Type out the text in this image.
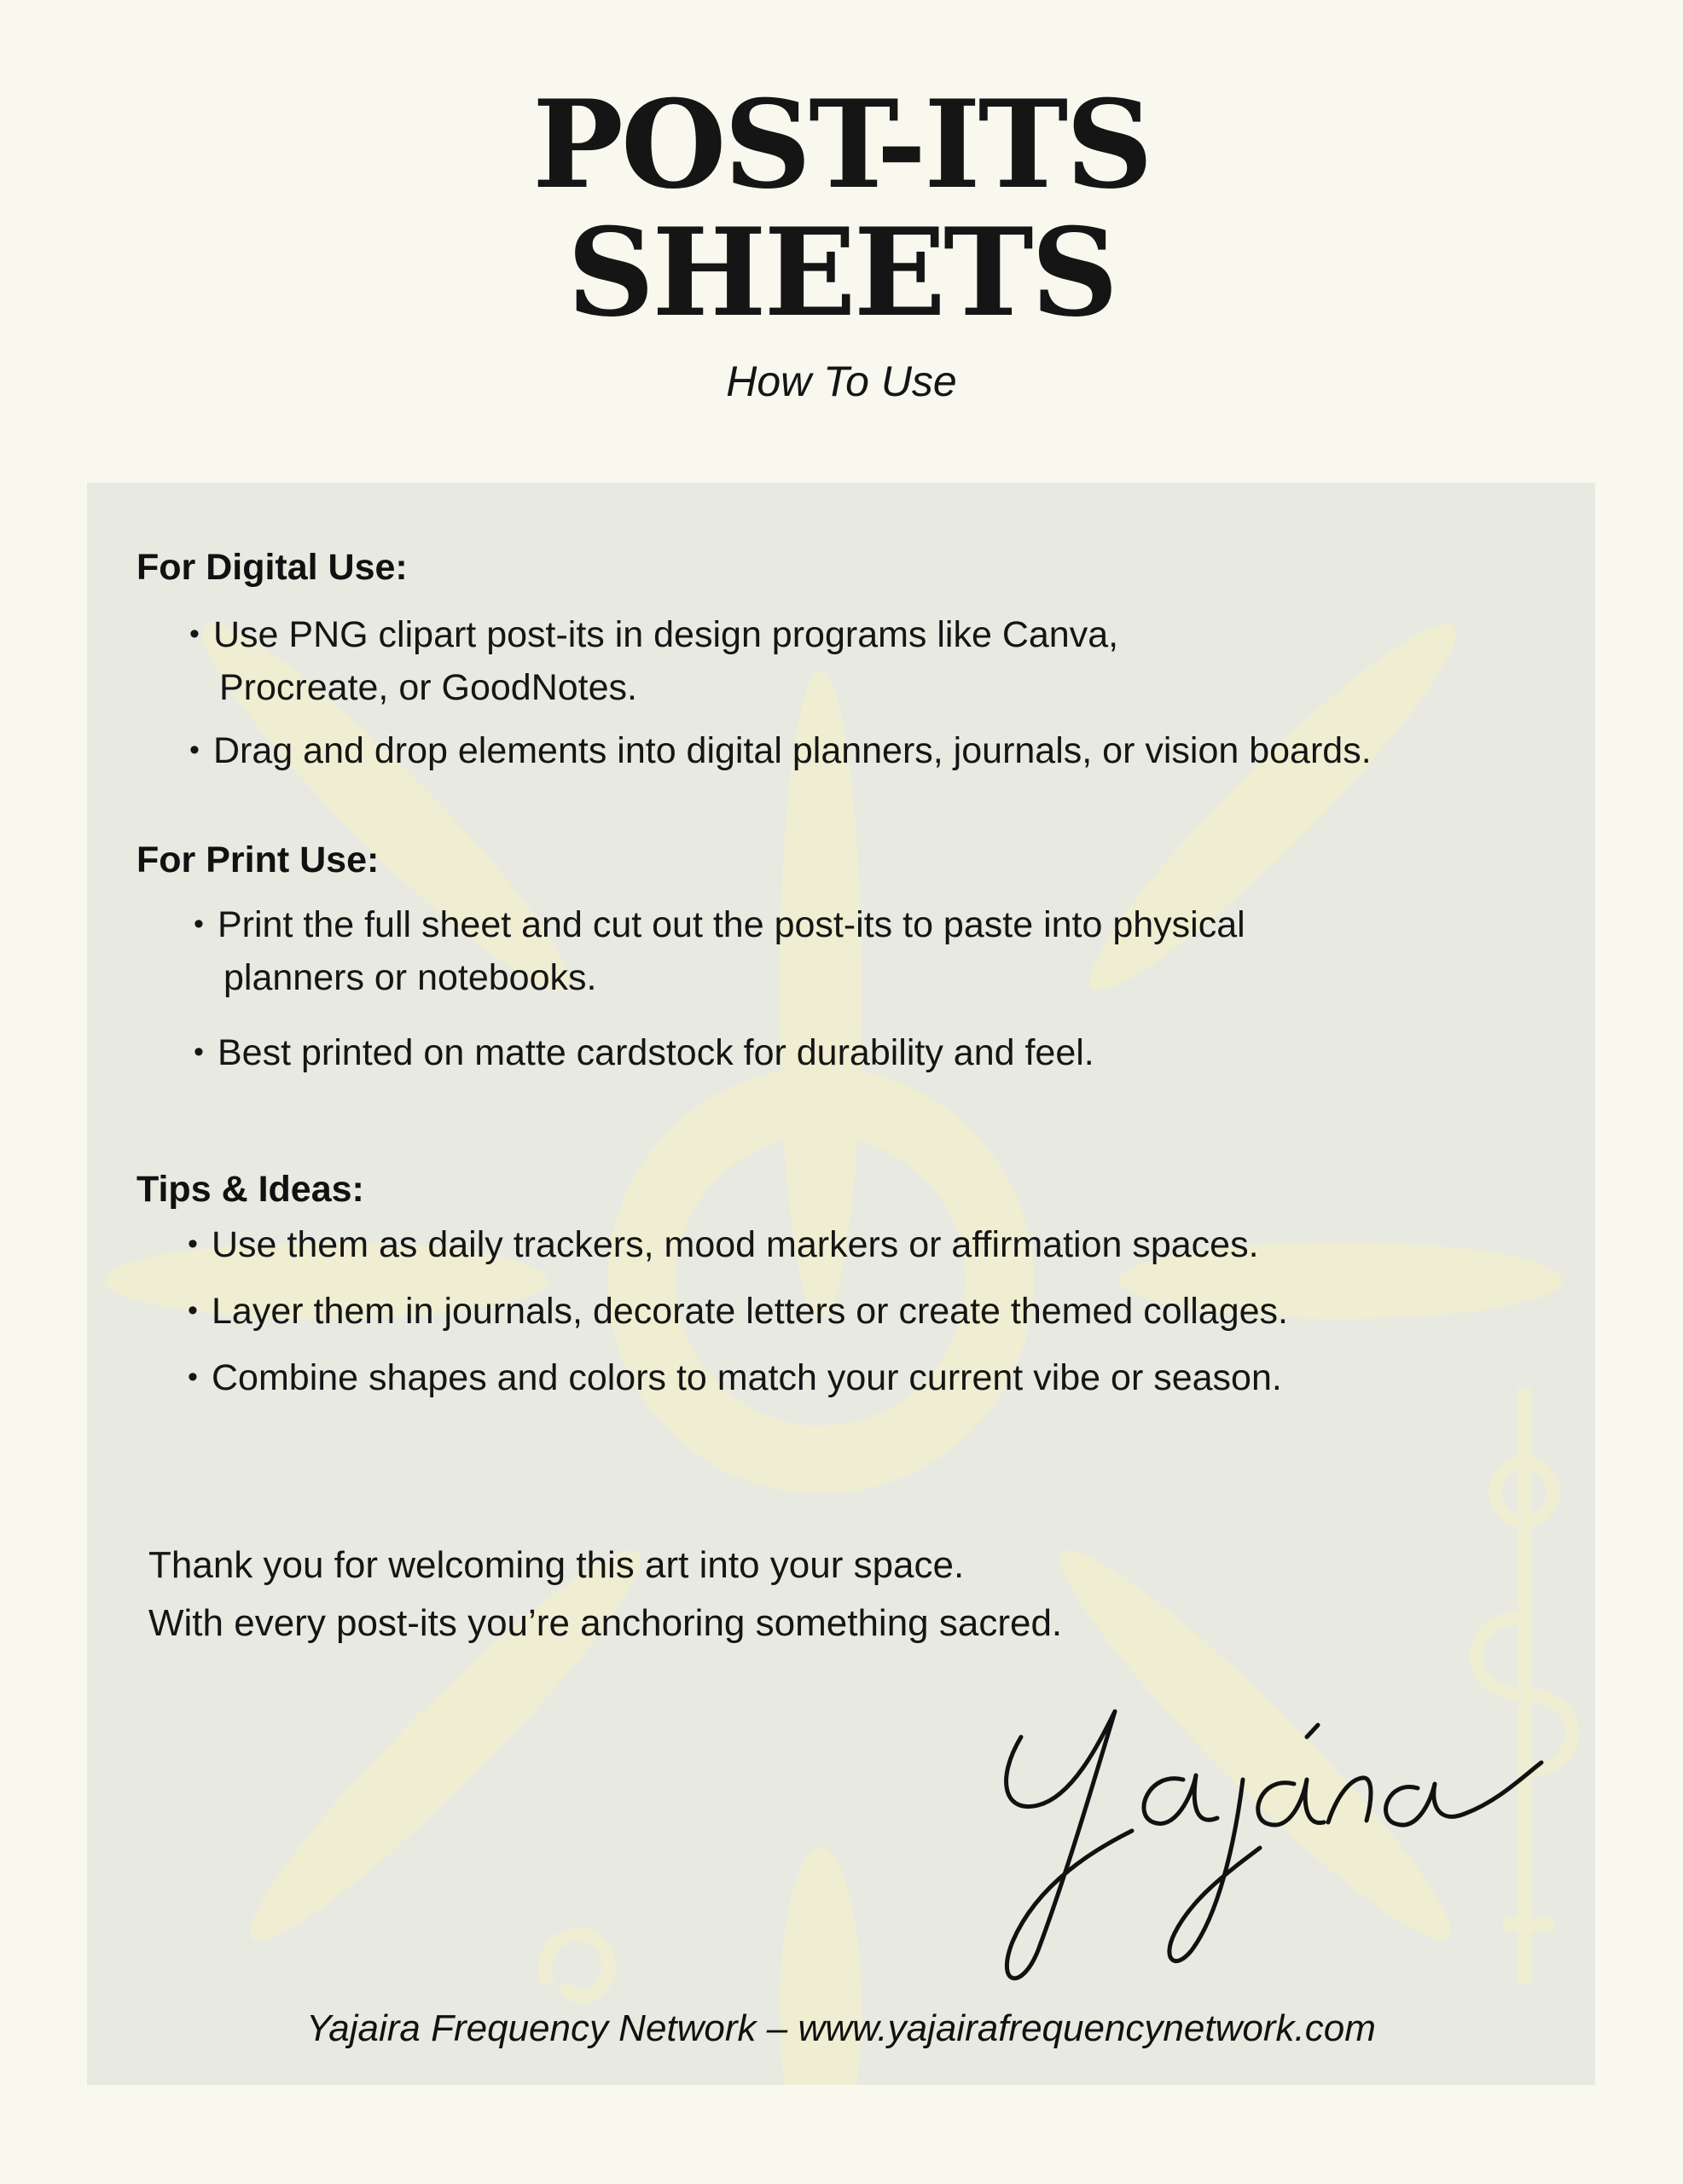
POST-ITS
SHEETS
How To Use
For Digital Use:
• Use PNG clipart post-its in design programs like Canva,
Procreate, or GoodNotes.
• Drag and drop elements into digital planners, journals, or vision boards.
For Print Use:
• Print the full sheet and cut out the post-its to paste into physical
planners or notebooks.
• Best printed on matte cardstock for durability and feel.
Tips & Ideas:
• Use them as daily trackers, mood markers or affirmation spaces.
• Layer them in journals, decorate letters or create themed collages.
• Combine shapes and colors to match your current vibe or season.
Thank you for welcoming this art into your space.
With every post-its you’re anchoring something sacred.
Yajaira Frequency Network – www.yajairafrequencynetwork.com
